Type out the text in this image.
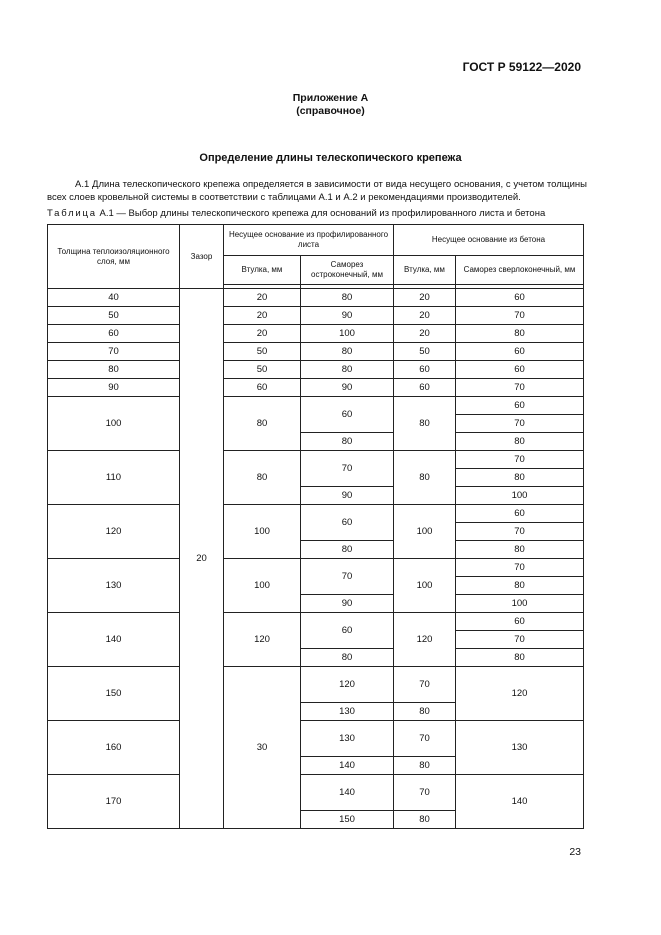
ГОСТ Р 59122—2020
Приложение А
(справочное)
Определение длины телескопического крепежа

А.1 Длина телескопического крепежа определяется в зависимости от вида несущего основания, с учетом толщины всех слоев кровельной системы в соответствии с таблицами А.1 и А.2 и рекомендациями производителей.

Таблица А.1 — Выбор длины телескопического крепежа для оснований из профилированного листа и бетона
Толщина теплоизоляционного слоя, мм	Зазор	Несущее основание из профилированного листа		Несущее основание из бетона		
		Втулка, мм	Саморез остроконечный, мм	Втулка, мм	Саморез сверлоконечный, мм	

40	20	20	80	20	60	
50		20	90	20	70	
60		20	100	20	80	
70		50	80	50	60	
80		50	80	60	60	
90		60	90	60	70	
100		80	60	80	60	
					70	
			80		80	
110		80	70	80	70	
					80	
			90		100	
120		100	60	100	60	
					70	
			80		80	
130		100	70	100	70	
					80	
			90		100	
140		120	60	120	60	
					70	
			80		80	
150		30	120	70	120	

			130	80	
160			130	70	130	

			140	80	
170			140	70	140	

			150	80	
23
